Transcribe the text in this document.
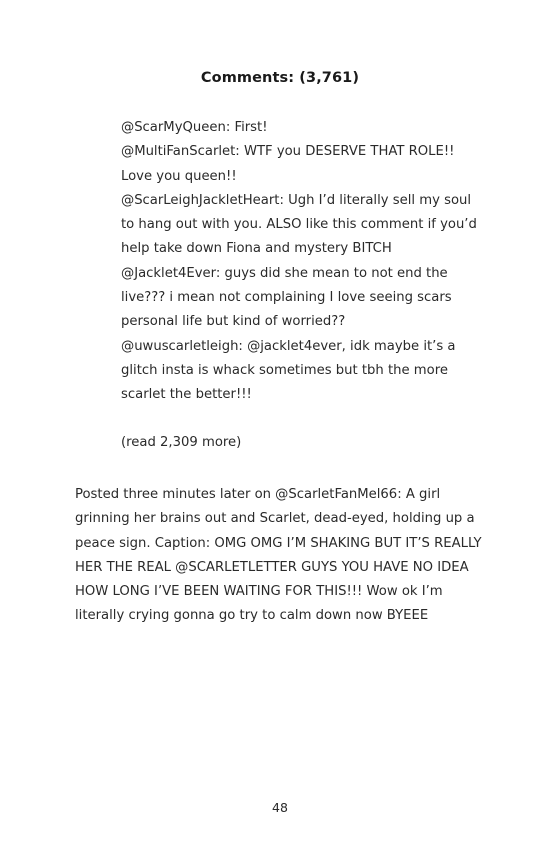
Comments: (3,761)

@ScarMyQueen: First!

@MultiFanScarlet: WTF you DESERVE THAT ROLE!! Love you queen!!

@ScarLeighJackletHeart: Ugh I’d literally sell my soul to hang out with you. ALSO like this comment if you’d help take down Fiona and mystery BITCH

@Jacklet4Ever: guys did she mean to not end the live??? i mean not complaining I love seeing scars personal life but kind of worried??

@uwuscarletleigh: @jacklet4ever, idk maybe it’s a glitch insta is whack sometimes but tbh the more scarlet the better!!!

(read 2,309 more)

Posted three minutes later on @ScarletFanMel66: A girl grinning her brains out and Scarlet, dead-eyed, holding up a peace sign. Caption: OMG OMG I’M SHAKING BUT IT’S REALLY HER THE REAL @SCARLETLETTER GUYS YOU HAVE NO IDEA HOW LONG I’VE BEEN WAITING FOR THIS!!! Wow ok I’m literally crying gonna go try to calm down now BYEEE

48
